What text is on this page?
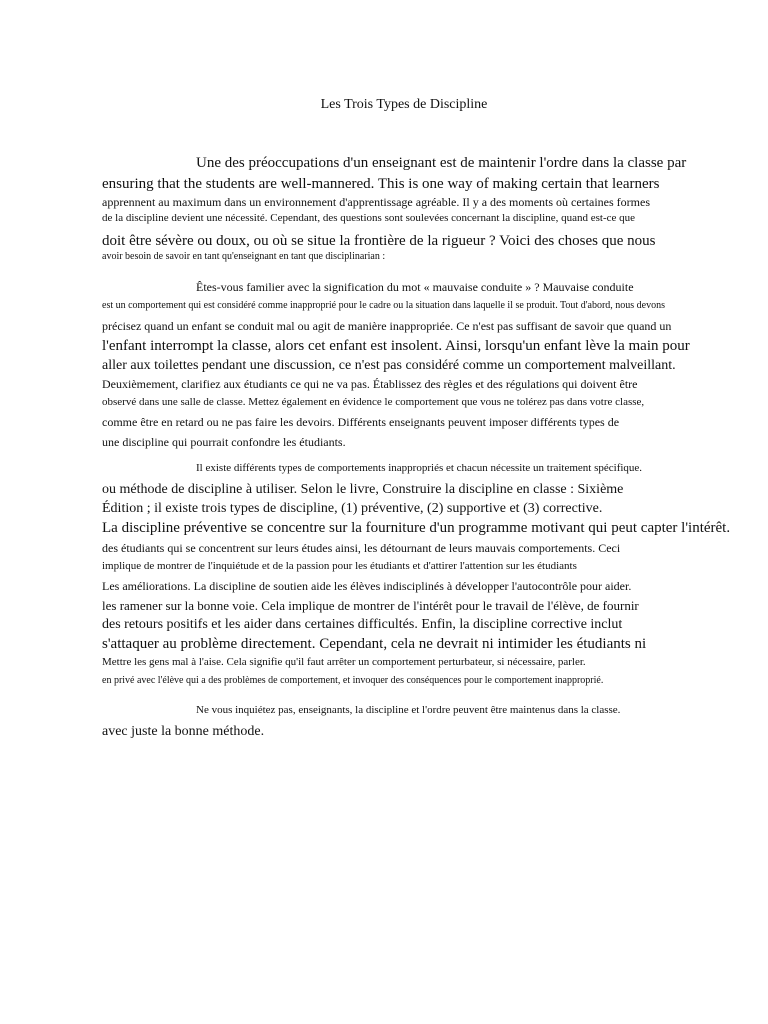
Les Trois Types de Discipline
Une des préoccupations d'un enseignant est de maintenir l'ordre dans la classe par
ensuring that the students are well-mannered. This is one way of making certain that learners
apprennent au maximum dans un environnement d'apprentissage agréable. Il y a des moments où certaines formes
de la discipline devient une nécessité. Cependant, des questions sont soulevées concernant la discipline, quand est-ce que
doit être sévère ou doux, ou où se situe la frontière de la rigueur ? Voici des choses que nous
avoir besoin de savoir en tant qu'enseignant en tant que disciplinarian :
Êtes-vous familier avec la signification du mot « mauvaise conduite » ? Mauvaise conduite
est un comportement qui est considéré comme inapproprié pour le cadre ou la situation dans laquelle il se produit. Tout d'abord, nous devons
précisez quand un enfant se conduit mal ou agit de manière inappropriée. Ce n'est pas suffisant de savoir que quand un
l'enfant interrompt la classe, alors cet enfant est insolent. Ainsi, lorsqu'un enfant lève la main pour
aller aux toilettes pendant une discussion, ce n'est pas considéré comme un comportement malveillant.
Deuxièmement, clarifiez aux étudiants ce qui ne va pas. Établissez des règles et des régulations qui doivent être
observé dans une salle de classe. Mettez également en évidence le comportement que vous ne tolérez pas dans votre classe,
comme être en retard ou ne pas faire les devoirs. Différents enseignants peuvent imposer différents types de
une discipline qui pourrait confondre les étudiants.
Il existe différents types de comportements inappropriés et chacun nécessite un traitement spécifique.
ou méthode de discipline à utiliser. Selon le livre, Construire la discipline en classe : Sixième
Édition ; il existe trois types de discipline, (1) préventive, (2) supportive et (3) corrective.
La discipline préventive se concentre sur la fourniture d'un programme motivant qui peut capter l'intérêt.
des étudiants qui se concentrent sur leurs études ainsi, les détournant de leurs mauvais comportements. Ceci
implique de montrer de l'inquiétude et de la passion pour les étudiants et d'attirer l'attention sur les étudiants
Les améliorations. La discipline de soutien aide les élèves indisciplinés à développer l'autocontrôle pour aider.
les ramener sur la bonne voie. Cela implique de montrer de l'intérêt pour le travail de l'élève, de fournir
des retours positifs et les aider dans certaines difficultés. Enfin, la discipline corrective inclut
s'attaquer au problème directement. Cependant, cela ne devrait ni intimider les étudiants ni
Mettre les gens mal à l'aise. Cela signifie qu'il faut arrêter un comportement perturbateur, si nécessaire, parler.
en privé avec l'élève qui a des problèmes de comportement, et invoquer des conséquences pour le comportement inapproprié.
Ne vous inquiétez pas, enseignants, la discipline et l'ordre peuvent être maintenus dans la classe.
avec juste la bonne méthode.
